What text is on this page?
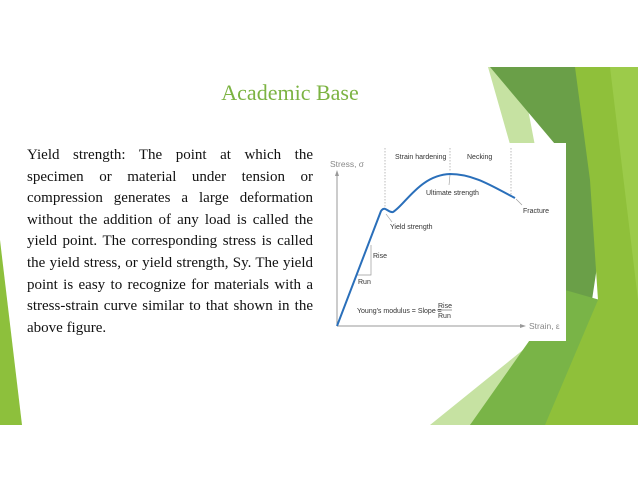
Academic Base
Yield strength: The point at which the specimen or material under tension or compression generates a large deformation without the addition of any load is called the yield point. The corresponding stress is called the yield stress, or yield strength, Sy. The yield point is easy to recognize for materials with a stress-strain curve similar to that shown in the above figure.
Stress, σ
Strain, ε
Strain hardening	Necking
Ultimate strength
Yield strength
Fracture
Rise
Run
Young's modulus = Slope =
Rise
Run
